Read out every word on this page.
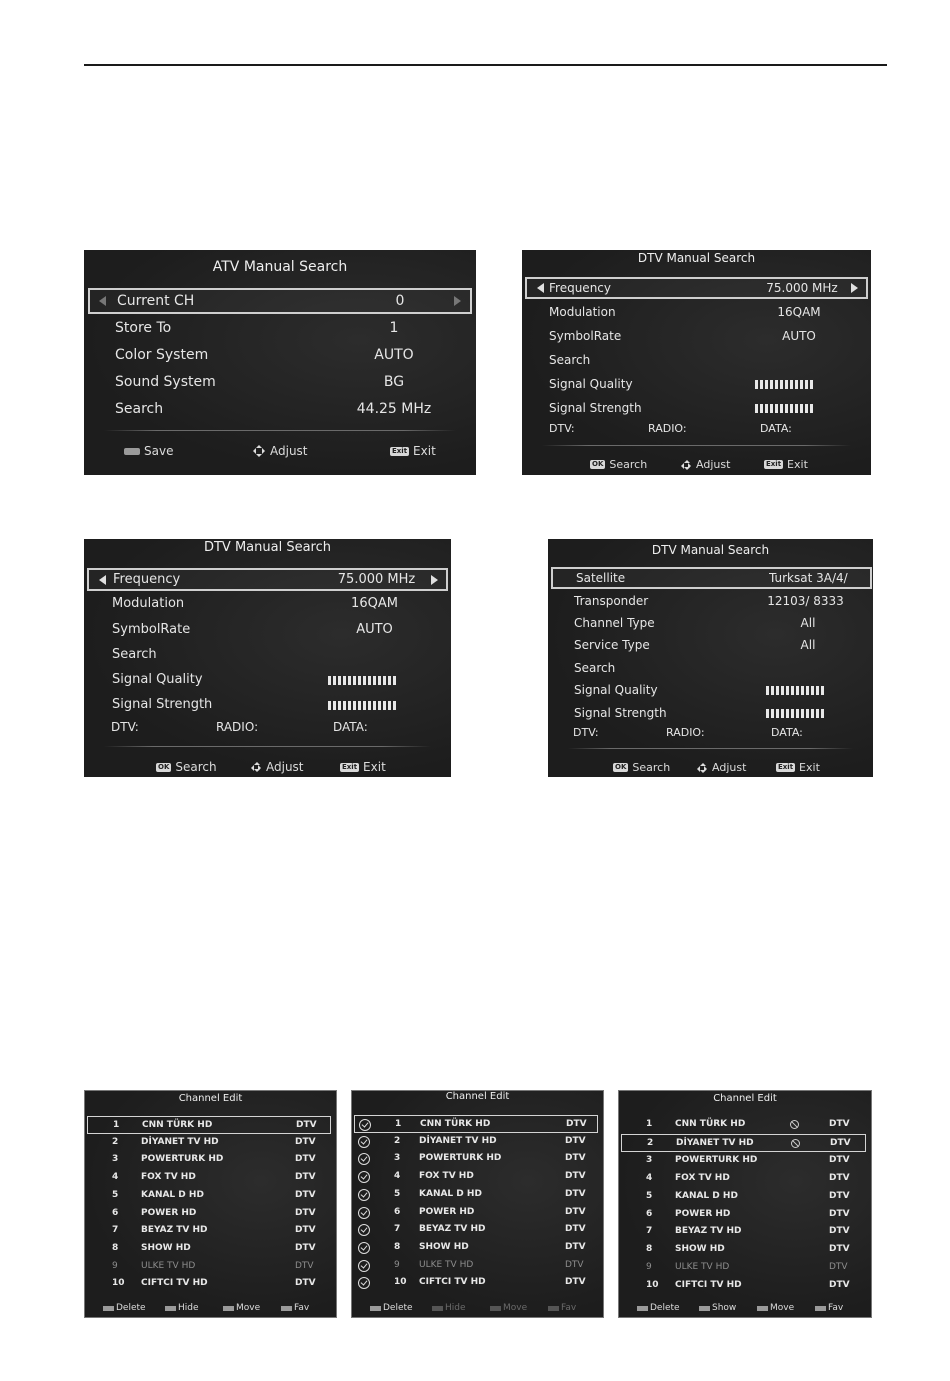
ATV Manual Search
Current CH	0
Store To	1
Color System	AUTO
Sound System	BG
Search	44.25 MHz
Save	Adjust	Exit Exit
DTV Manual Search
Frequency	75.000 MHz
Modulation	16QAM
SymbolRate	AUTO
Search
Signal Quality
Signal Strength
DTV:	RADIO:	DATA:
OK Search	Adjust	Exit Exit
DTV Manual Search
Frequency	75.000 MHz
Modulation	16QAM
SymbolRate	AUTO
Search
Signal Quality
Signal Strength
DTV:	RADIO:	DATA:
OK Search	Adjust	Exit Exit
DTV Manual Search
Satellite	Turksat 3A/4/
Transponder	12103/ 8333
Channel Type	All
Service Type	All
Search
Signal Quality
Signal Strength
DTV:	RADIO:	DATA:
OK Search	Adjust	Exit Exit
Channel Edit
1	CNN TÜRK HD	DTV
2	DİYANET TV HD	DTV
3	POWERTURK HD	DTV
4	FOX TV HD	DTV
5	KANAL D HD	DTV
6	POWER HD	DTV
7	BEYAZ TV HD	DTV
8	SHOW HD	DTV
9	ULKE TV HD	DTV
10 CIFTCI TV HD	DTV
Delete	Hide	Move	Fav
Channel Edit
1 CNN TÜRK HD	DTV
2 DİYANET TV HD	DTV
3 POWERTURK HD	DTV
4 FOX TV HD	DTV
5 KANAL D HD	DTV
6 POWER HD	DTV
7 BEYAZ TV HD	DTV
8 SHOW HD	DTV
9 ULKE TV HD	DTV
10 CIFTCI TV HD	DTV
Delete	Hide	Move	Fav
Channel Edit
1	CNN TÜRK HD	DTV
2	DİYANET TV HD	DTV
3	POWERTURK HD	DTV
4	FOX TV HD	DTV
5	KANAL D HD	DTV
6	POWER HD	DTV
7	BEYAZ TV HD	DTV
8	SHOW HD	DTV
9	ULKE TV HD	DTV
10 CIFTCI TV HD	DTV
Delete	Show	Move	Fav
